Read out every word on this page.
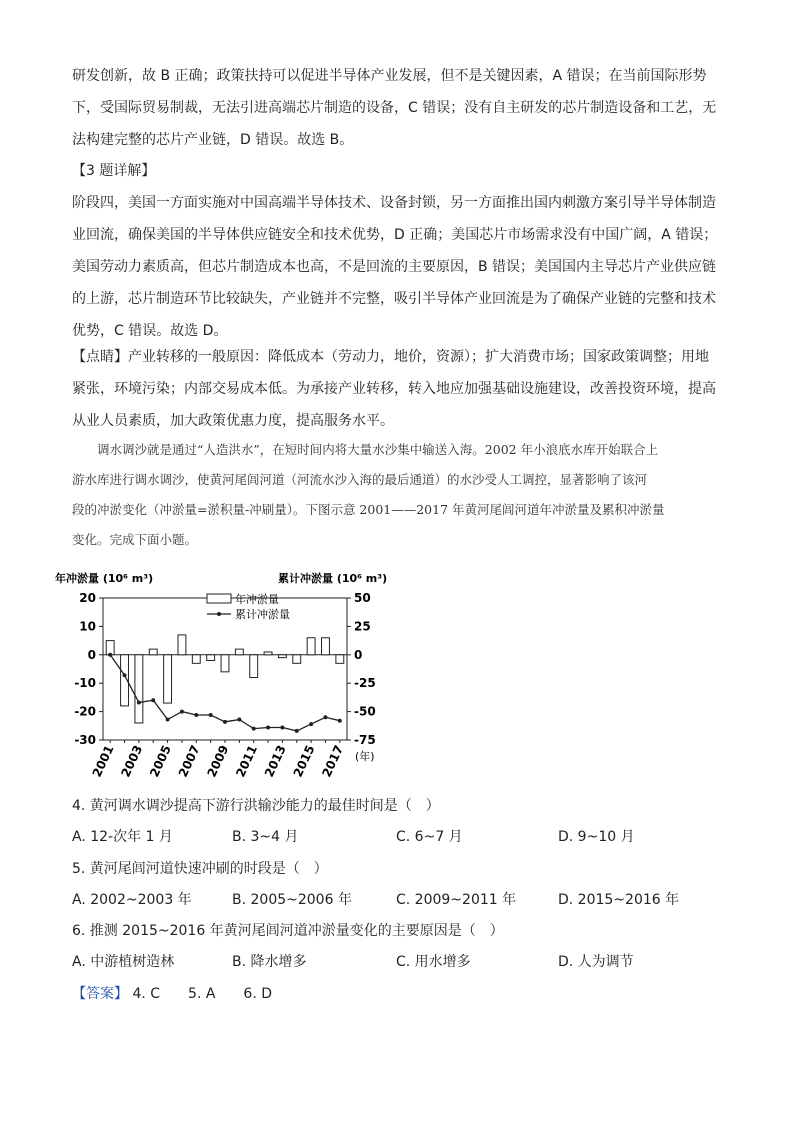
研发创新，故 B 正确；政策扶持可以促进半导体产业发展，但不是关键因素，A 错误；在当前国际形势
下，受国际贸易制裁，无法引进高端芯片制造的设备，C 错误；没有自主研发的芯片制造设备和工艺，无
法构建完整的芯片产业链，D 错误。故选 B。
【3 题详解】
阶段四，美国一方面实施对中国高端半导体技术、设备封锁，另一方面推出国内刺激方案引导半导体制造
业回流，确保美国的半导体供应链安全和技术优势，D 正确；美国芯片市场需求没有中国广阔，A 错误；
美国劳动力素质高，但芯片制造成本也高，不是回流的主要原因，B 错误；美国国内主导芯片产业供应链
的上游，芯片制造环节比较缺失，产业链并不完整，吸引半导体产业回流是为了确保产业链的完整和技术
优势，C 错误。故选 D。
【点睛】产业转移的一般原因：降低成本（劳动力，地价，资源）；扩大消费市场；国家政策调整；用地
紧张，环境污染；内部交易成本低。为承接产业转移，转入地应加强基础设施建设，改善投资环境，提高
从业人员素质，加大政策优惠力度，提高服务水平。
　　调水调沙就是通过“人造洪水”，在短时间内将大量水沙集中输送入海。2002 年小浪底水库开始联合上
游水库进行调水调沙，使黄河尾闾河道（河流水沙入海的最后通道）的水沙受人工调控，显著影响了该河
段的冲淤变化（冲淤量=淤积量-冲刷量）。下图示意 2001——2017 年黄河尾闾河道年冲淤量及累积冲淤量
变化。完成下面小题。
20
10
0
-10
-20
-30
50
25
0
-25
-50
-75
2001 2003 2005 2007 2009 2011 2013 2015 2017
年冲淤量 (10⁶ m³)	累计冲淤量 (10⁶ m³)
(年)
年冲淤量
累计冲淤量
4. 黄河调水调沙提高下游行洪输沙能力的最佳时间是（　）
A. 12-次年 1 月	B. 3~4 月	C. 6~7 月	D. 9~10 月
5. 黄河尾闾河道快速冲刷的时段是（　）
A. 2002~2003 年	B. 2005~2006 年	C. 2009~2011 年	D. 2015~2016 年
6. 推测 2015~2016 年黄河尾闾河道冲淤量变化的主要原因是（　）
A. 中游植树造林	B. 降水增多	C. 用水增多	D. 人为调节
【答案】 4. C　　5. A　　6. D
